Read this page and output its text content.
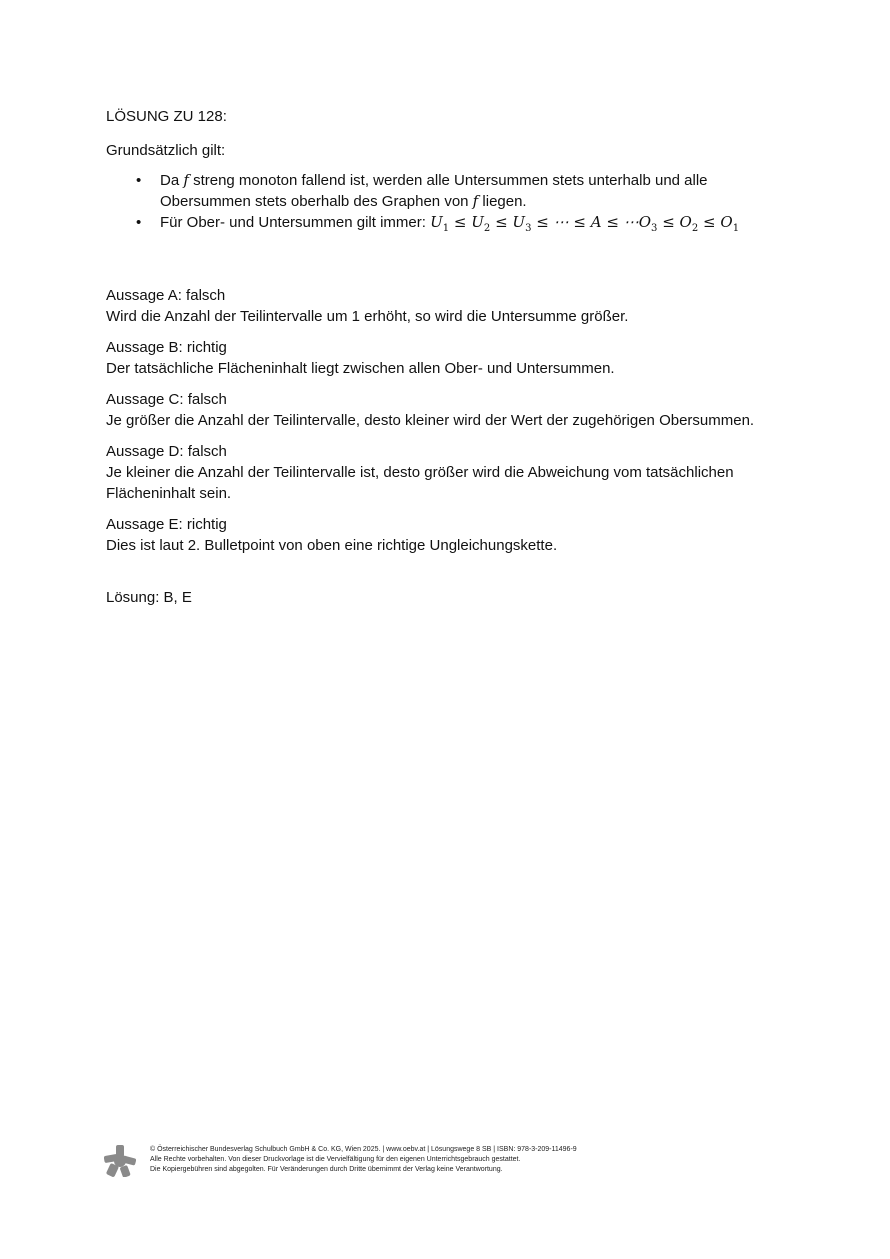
LÖSUNG ZU 128:

Grundsätzlich gilt:

• Da f streng monoton fallend ist, werden alle Untersummen stets unterhalb und alle
Obersummen stets oberhalb des Graphen von f liegen.
• Für Ober- und Untersummen gilt immer: $U_1 \le U_2 \le U_3$ ≤ ⋯ ≤ $A \le \cdots O_3 \le O_2 \le O_1$

Aussage A: falsch

Wird die Anzahl der Teilintervalle um 1 erhöht, so wird die Untersumme größer.

Aussage B: richtig

Der tatsächliche Flächeninhalt liegt zwischen allen Ober- und Untersummen.

Aussage C: falsch

Je größer die Anzahl der Teilintervalle, desto kleiner wird der Wert der zugehörigen Obersummen.

Aussage D: falsch

Je kleiner die Anzahl der Teilintervalle ist, desto größer wird die Abweichung vom tatsächlichen

Flächeninhalt sein.

Aussage E: richtig

Dies ist laut 2. Bulletpoint von oben eine richtige Ungleichungskette.

Lösung: B, E

© Österreichischer Bundesverlag Schulbuch GmbH & Co. KG, Wien 2025. | www.oebv.at | Lösungswege 8 SB | ISBN: 978-3-209-11496-9
Alle Rechte vorbehalten. Von dieser Druckvorlage ist die Vervielfältigung für den eigenen Unterrichtsgebrauch gestattet.
Die Kopiergebühren sind abgegolten. Für Veränderungen durch Dritte übernimmt der Verlag keine Verantwortung.
